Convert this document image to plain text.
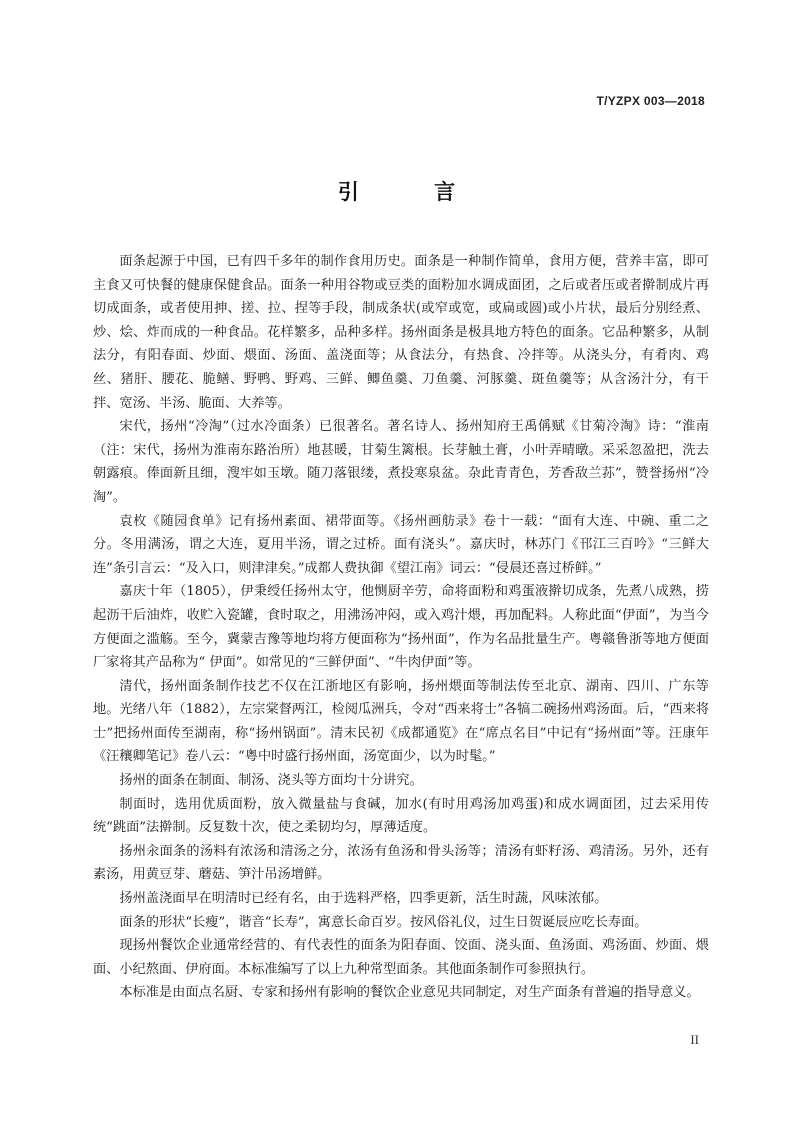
T/YZPX 003—2018
引 言

面条起源于中国，已有四千多年的制作食用历史。面条是一种制作简单，食用方便，营养丰富，即可主食又可快餐的健康保健食品。面条一种用谷物或豆类的面粉加水调成面团，之后或者压或者擀制成片再切成面条，或者使用抻、搓、拉、捏等手段，制成条状(或窄或宽，或扁或圆)或小片状，最后分别经煮、炒、烩、炸而成的一种食品。花样繁多，品种多样。扬州面条是极具地方特色的面条。它品种繁多，从制法分，有阳春面、炒面、煨面、汤面、盖浇面等；从食法分，有热食、冷拌等。从浇头分，有肴肉、鸡丝、猪肝、腰花、脆鳝、野鸭、野鸡、三鲜、鲫鱼羹、刀鱼羹、河豚羹、斑鱼羹等；从含汤汁分，有干拌、宽汤、半汤、脆面、大养等。

宋代，扬州“冷淘”（过水冷面条）已很著名。著名诗人、扬州知府王禹偁赋《甘菊冷淘》诗：“淮南（注：宋代，扬州为淮南东路治所）地甚暖，甘菊生篱根。长芽触土膏，小叶弄晴暾。采采忽盈把，洗去朝露痕。俸面新且细，溲牢如玉墩。随刀落银缕，煮投寒泉盆。杂此青青色，芳香敌兰荪”，赞誉扬州“冷淘”。

袁枚《随园食单》记有扬州素面、裙带面等。《扬州画舫录》卷十一载：“面有大连、中碗、重二之分。冬用满汤，谓之大连，夏用半汤，谓之过桥。面有浇头”。嘉庆时，林苏门《邗江三百吟》“三鲜大连”条引言云：“及入口，则津津矣。”成都人费执御《望江南》词云：“侵晨还喜过桥鲜。”

嘉庆十年（1805），伊秉绶任扬州太守，他恻厨辛劳，命将面粉和鸡蛋液擀切成条，先煮八成熟，捞起沥干后油炸，收贮入瓷罐，食时取之，用沸汤冲闷，或入鸡汁煨，再加配料。人称此面“伊面”，为当今方便面之滥觞。至今，冀蒙吉豫等地均将方便面称为“扬州面”，作为名品批量生产。粤赣鲁浙等地方便面厂家将其产品称为“ 伊面”。如常见的“三鲜伊面”、“牛肉伊面”等。

清代，扬州面条制作技艺不仅在江浙地区有影响，扬州煨面等制法传至北京、湖南、四川、广东等地。光绪八年（1882），左宗棠督两江，检阅瓜洲兵，令对“西来将士”各犒二碗扬州鸡汤面。后，“西来将士”把扬州面传至湖南，称“扬州锅面”。清末民初《成都通览》在“席点名目”中记有“扬州面”等。汪康年《汪穰卿笔记》卷八云：“粤中时盛行扬州面，汤宽面少，以为时髦。”

扬州的面条在制面、制汤、浇头等方面均十分讲究。

制面时，选用优质面粉，放入微量盐与食碱，加水(有时用鸡汤加鸡蛋)和成水调面团，过去采用传统“跳面”法擀制。反复数十次，使之柔韧均匀，厚薄适度。

扬州汆面条的汤料有浓汤和清汤之分，浓汤有鱼汤和骨头汤等；清汤有虾籽汤、鸡清汤。另外，还有素汤，用黄豆芽、蘑菇、笋汁吊汤增鲜。

扬州盖浇面早在明清时已经有名，由于选料严格，四季更新，活生时蔬，风味浓郁。

面条的形状“长瘦”，谐音“长寿”，寓意长命百岁。按风俗礼仪，过生日贺诞辰应吃长寿面。

现扬州餐饮企业通常经营的、有代表性的面条为阳春面、饺面、浇头面、鱼汤面、鸡汤面、炒面、煨面、小纪熬面、伊府面。本标准编写了以上九种常型面条。其他面条制作可参照执行。

本标准是由面点名厨、专家和扬州有影响的餐饮企业意见共同制定，对生产面条有普遍的指导意义。

II
